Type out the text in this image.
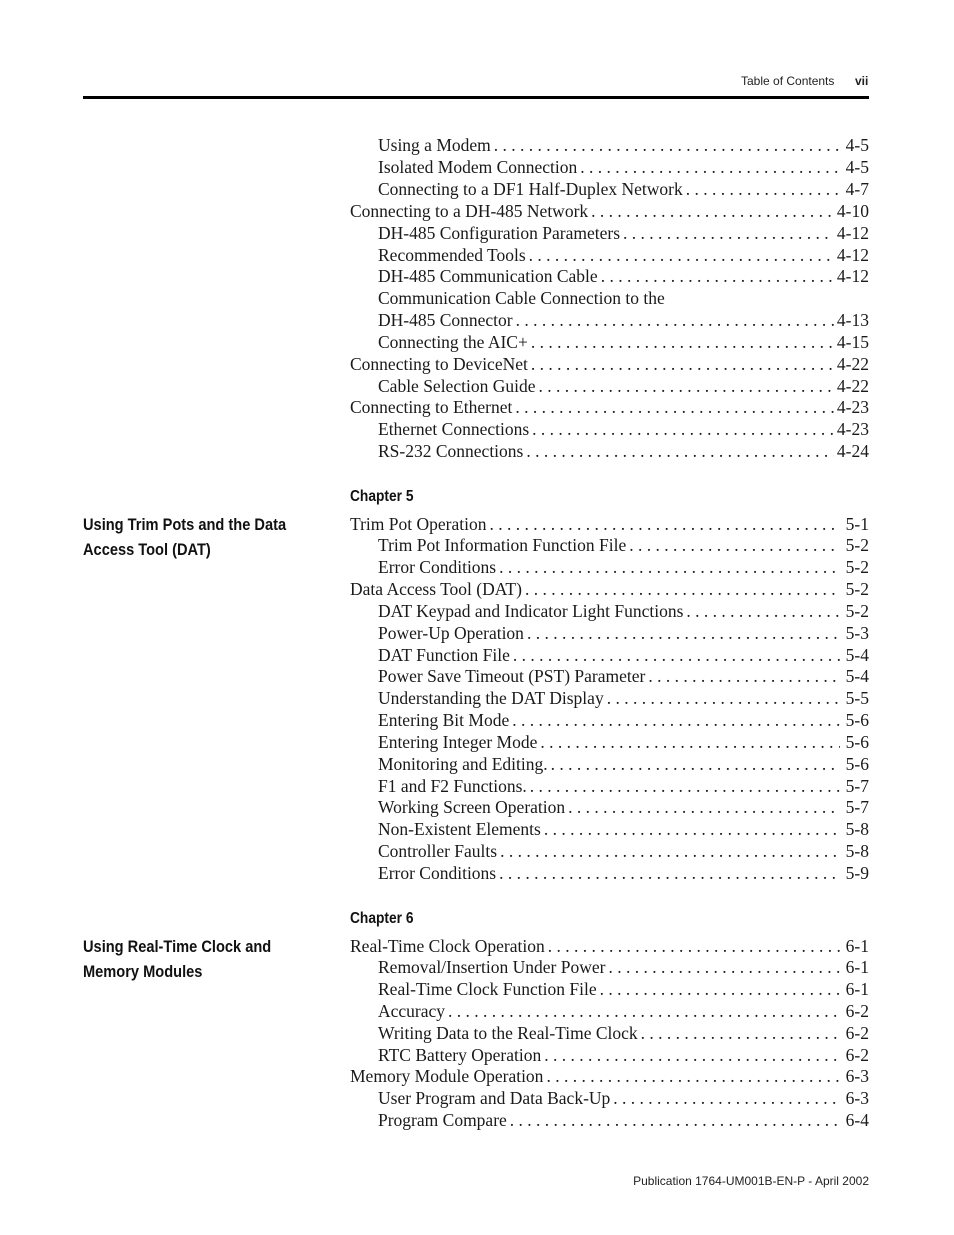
Table of Contents vii
Chapter 5
Using Trim Pots and the Data
Access Tool (DAT)
Chapter 6
Using Real-Time Clock and
Memory Modules
Using a Modem . . .	4-5
Isolated Modem Connection . . .	4-5
Connecting to a DF1 Half-Duplex Network . . .	4-7
Connecting to a DH-485 Network . . .	4-10
DH-485 Configuration Parameters . . .	4-12
Recommended Tools . . .	4-12
DH-485 Communication Cable . . .	4-12
Communication Cable Connection to the
DH-485 Connector . . .	4-13
Connecting the AIC+ . . .	4-15
Connecting to DeviceNet . . .	4-22
Cable Selection Guide . . .	4-22
Connecting to Ethernet . . .	4-23
Ethernet Connections . . .	4-23
RS-232 Connections . . .	4-24
Trim Pot Operation . . .	5-1
Trim Pot Information Function File . . .	5-2
Error Conditions . . .	5-2
Data Access Tool (DAT) . . .	5-2
DAT Keypad and Indicator Light Functions . . .	5-2
Power-Up Operation . . .	5-3
DAT Function File . . .	5-4
Power Save Timeout (PST) Parameter . . .	5-4
Understanding the DAT Display . . .	5-5
Entering Bit Mode . . .	5-6
Entering Integer Mode . . .	5-6
Monitoring and Editing. . . .	5-6
F1 and F2 Functions. . . .	5-7
Working Screen Operation . . .	5-7
Non-Existent Elements . . .	5-8
Controller Faults . . .	5-8
Error Conditions . . .	5-9
Real-Time Clock Operation . . .	6-1
Removal/Insertion Under Power . . .	6-1
Real-Time Clock Function File . . .	6-1
Accuracy . . .	6-2
Writing Data to the Real-Time Clock . . .	6-2
RTC Battery Operation . . .	6-2
Memory Module Operation . . .	6-3
User Program and Data Back-Up . . .	6-3
Program Compare . . .	6-4
Publication 1764-UM001B-EN-P - April 2002
